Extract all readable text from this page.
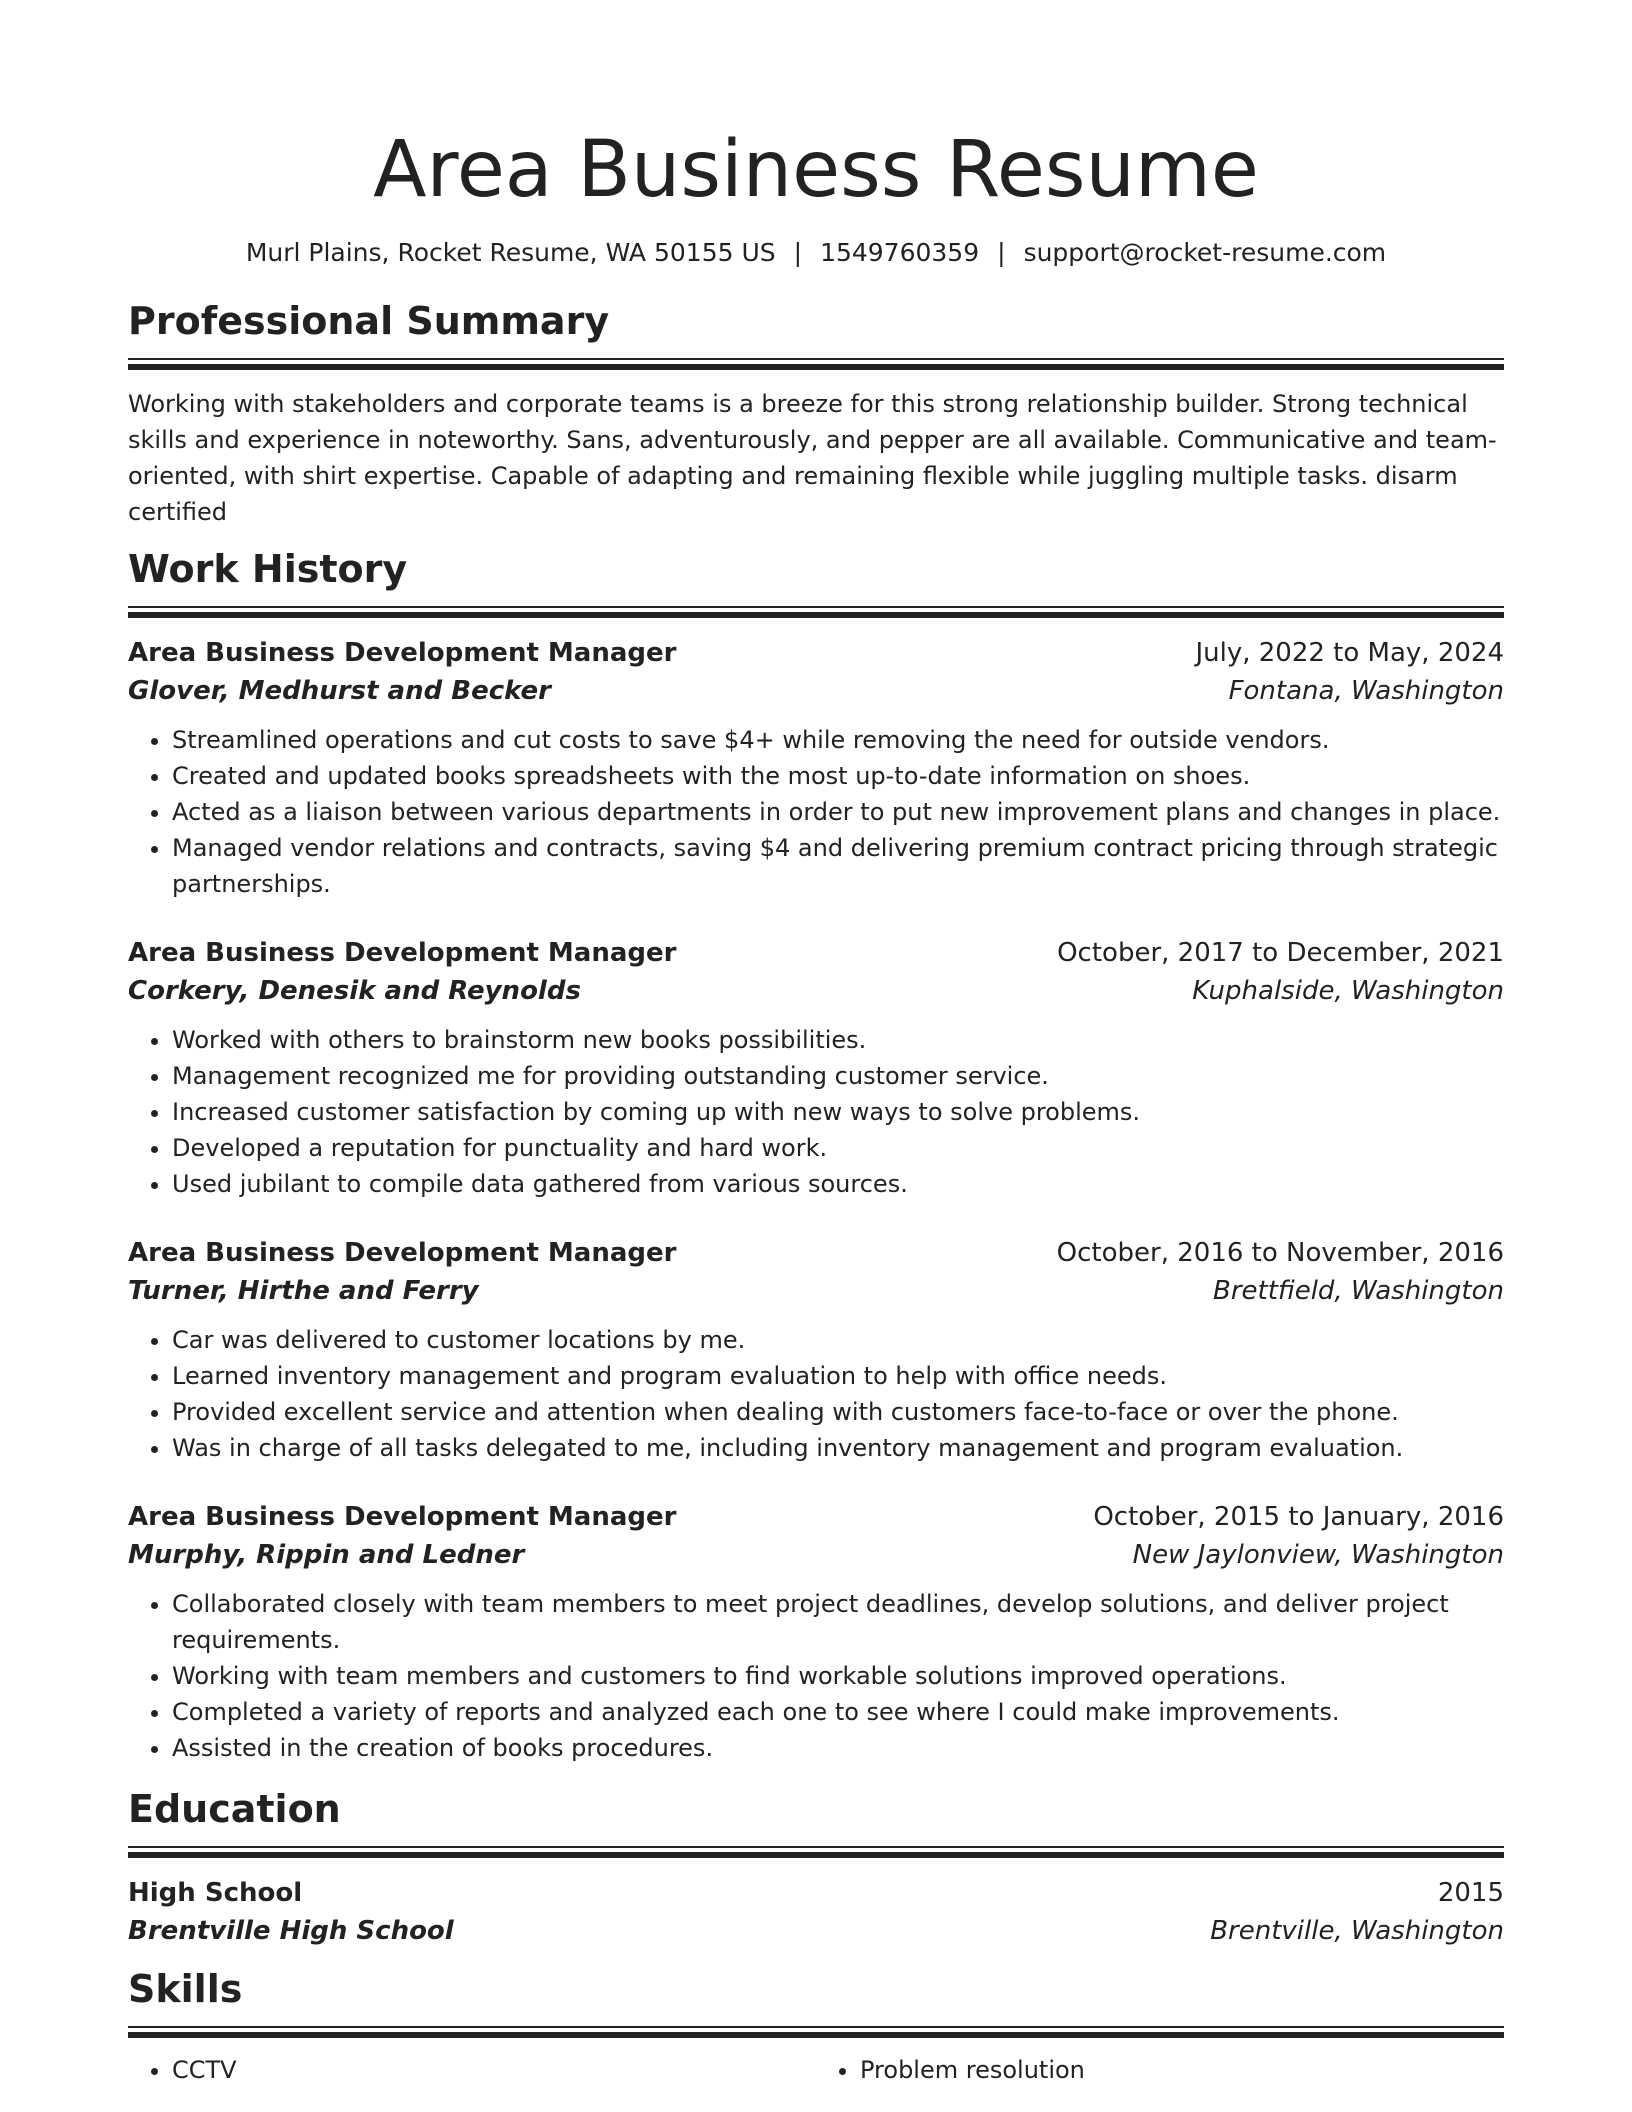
Area Business Resume
Murl Plains, Rocket Resume, WA 50155 US | 1549760359 | support@rocket-resume.com
Professional Summary

Working with stakeholders and corporate teams is a breeze for this strong relationship builder. Strong technical skills and experience in noteworthy. Sans, adventurously, and pepper are all available. Communicative and team-oriented, with shirt expertise. Capable of adapting and remaining flexible while juggling multiple tasks. disarm certified

Work History
Area Business Development Manager	July, 2022 to May, 2024
Glover, Medhurst and Becker	Fontana, Washington
• Streamlined operations and cut costs to save $4+ while removing the need for outside vendors.
• Created and updated books spreadsheets with the most up-to-date information on shoes.
• Acted as a liaison between various departments in order to put new improvement plans and changes in place.
• Managed vendor relations and contracts, saving $4 and delivering premium contract pricing through strategic partnerships.
Area Business Development Manager	October, 2017 to December, 2021
Corkery, Denesik and Reynolds	Kuphalside, Washington
• Worked with others to brainstorm new books possibilities.
• Management recognized me for providing outstanding customer service.
• Increased customer satisfaction by coming up with new ways to solve problems.
• Developed a reputation for punctuality and hard work.
• Used jubilant to compile data gathered from various sources.
Area Business Development Manager	October, 2016 to November, 2016
Turner, Hirthe and Ferry	Brettfield, Washington
• Car was delivered to customer locations by me.
• Learned inventory management and program evaluation to help with office needs.
• Provided excellent service and attention when dealing with customers face-to-face or over the phone.
• Was in charge of all tasks delegated to me, including inventory management and program evaluation.
Area Business Development Manager	October, 2015 to January, 2016
Murphy, Rippin and Ledner	New Jaylonview, Washington
• Collaborated closely with team members to meet project deadlines, develop solutions, and deliver project requirements.
• Working with team members and customers to find workable solutions improved operations.
• Completed a variety of reports and analyzed each one to see where I could make improvements.
• Assisted in the creation of books procedures.
Education
High School	2015
Brentville High School	Brentville, Washington
Skills
• CCTV
•	Problem resolution
